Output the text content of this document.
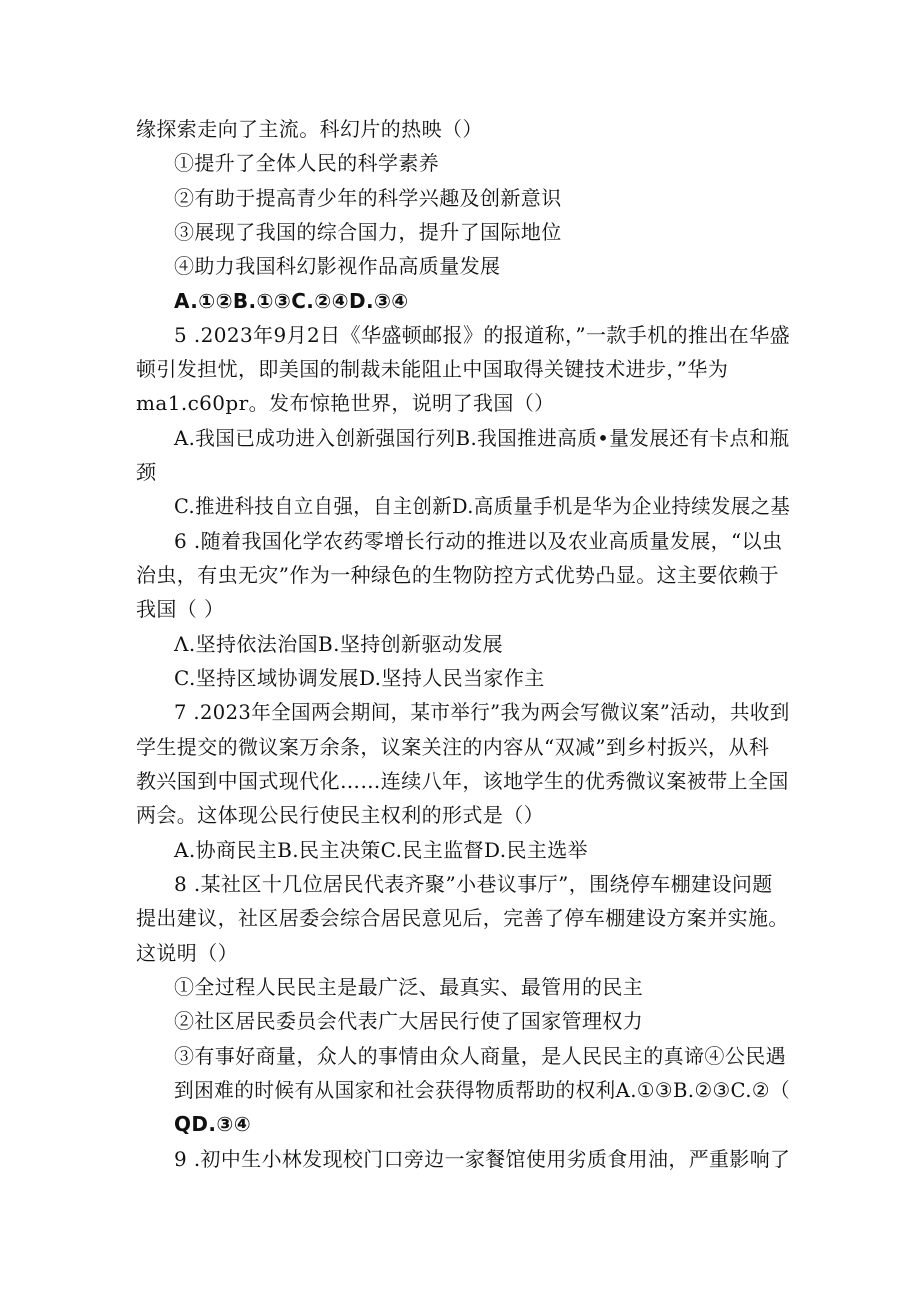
缘探索走向了主流。科幻片的热映（）
①提升了全体人民的科学素养
②有助于提高青少年的科学兴趣及创新意识
③展现了我国的综合国力，提升了国际地位
④助力我国科幻影视作品高质量发展
A.①②B.①③C.②④D.③④
5 .2023年9月2日《华盛顿邮报》的报道称，”一款手机的推出在华盛
顿引发担忧，即美国的制裁未能阻止中国取得关键技术进步，”华为
ma1.c60pr。发布惊艳世界，说明了我国（）
A.我国已成功进入创新强国行列B.我国推进高质•量发展还有卡点和瓶
颈
C.推进科技自立自强，自主创新D.高质量手机是华为企业持续发展之基
6 .随着我国化学农药零增长行动的推进以及农业高质量发展，“以虫
治虫，有虫无灾”作为一种绿色的生物防控方式优势凸显。这主要依赖于
我国（ ）
Λ.坚持依法治国B.坚持创新驱动发展
C.坚持区域协调发展D.坚持人民当家作主
7 .2023年全国两会期间，某市举行”我为两会写微议案”活动，共收到
学生提交的微议案万余条，议案关注的内容从“双减”到乡村扳兴，从科
教兴国到中国式现代化……连续八年，该地学生的优秀微议案被带上全国
两会。这体现公民行使民主权利的形式是（）
A.协商民主B.民主决策C.民主监督D.民主选举
8 .某社区十几位居民代表齐聚”小巷议事厅”，围绕停车棚建设问题
提出建议，社区居委会综合居民意见后，完善了停车棚建设方案并实施。
这说明（）
①全过程人民民主是最广泛、最真实、最管用的民主
②社区居民委员会代表广大居民行使了国家管理权力
③有事好商量，众人的事情由众人商量，是人民民主的真谛④公民遇
到困难的时候有从国家和社会获得物质帮助的权利A.①③B.②③C.②（
QD.③④
9 .初中生小林发现校门口旁边一家餐馆使用劣质食用油，严重影响了
